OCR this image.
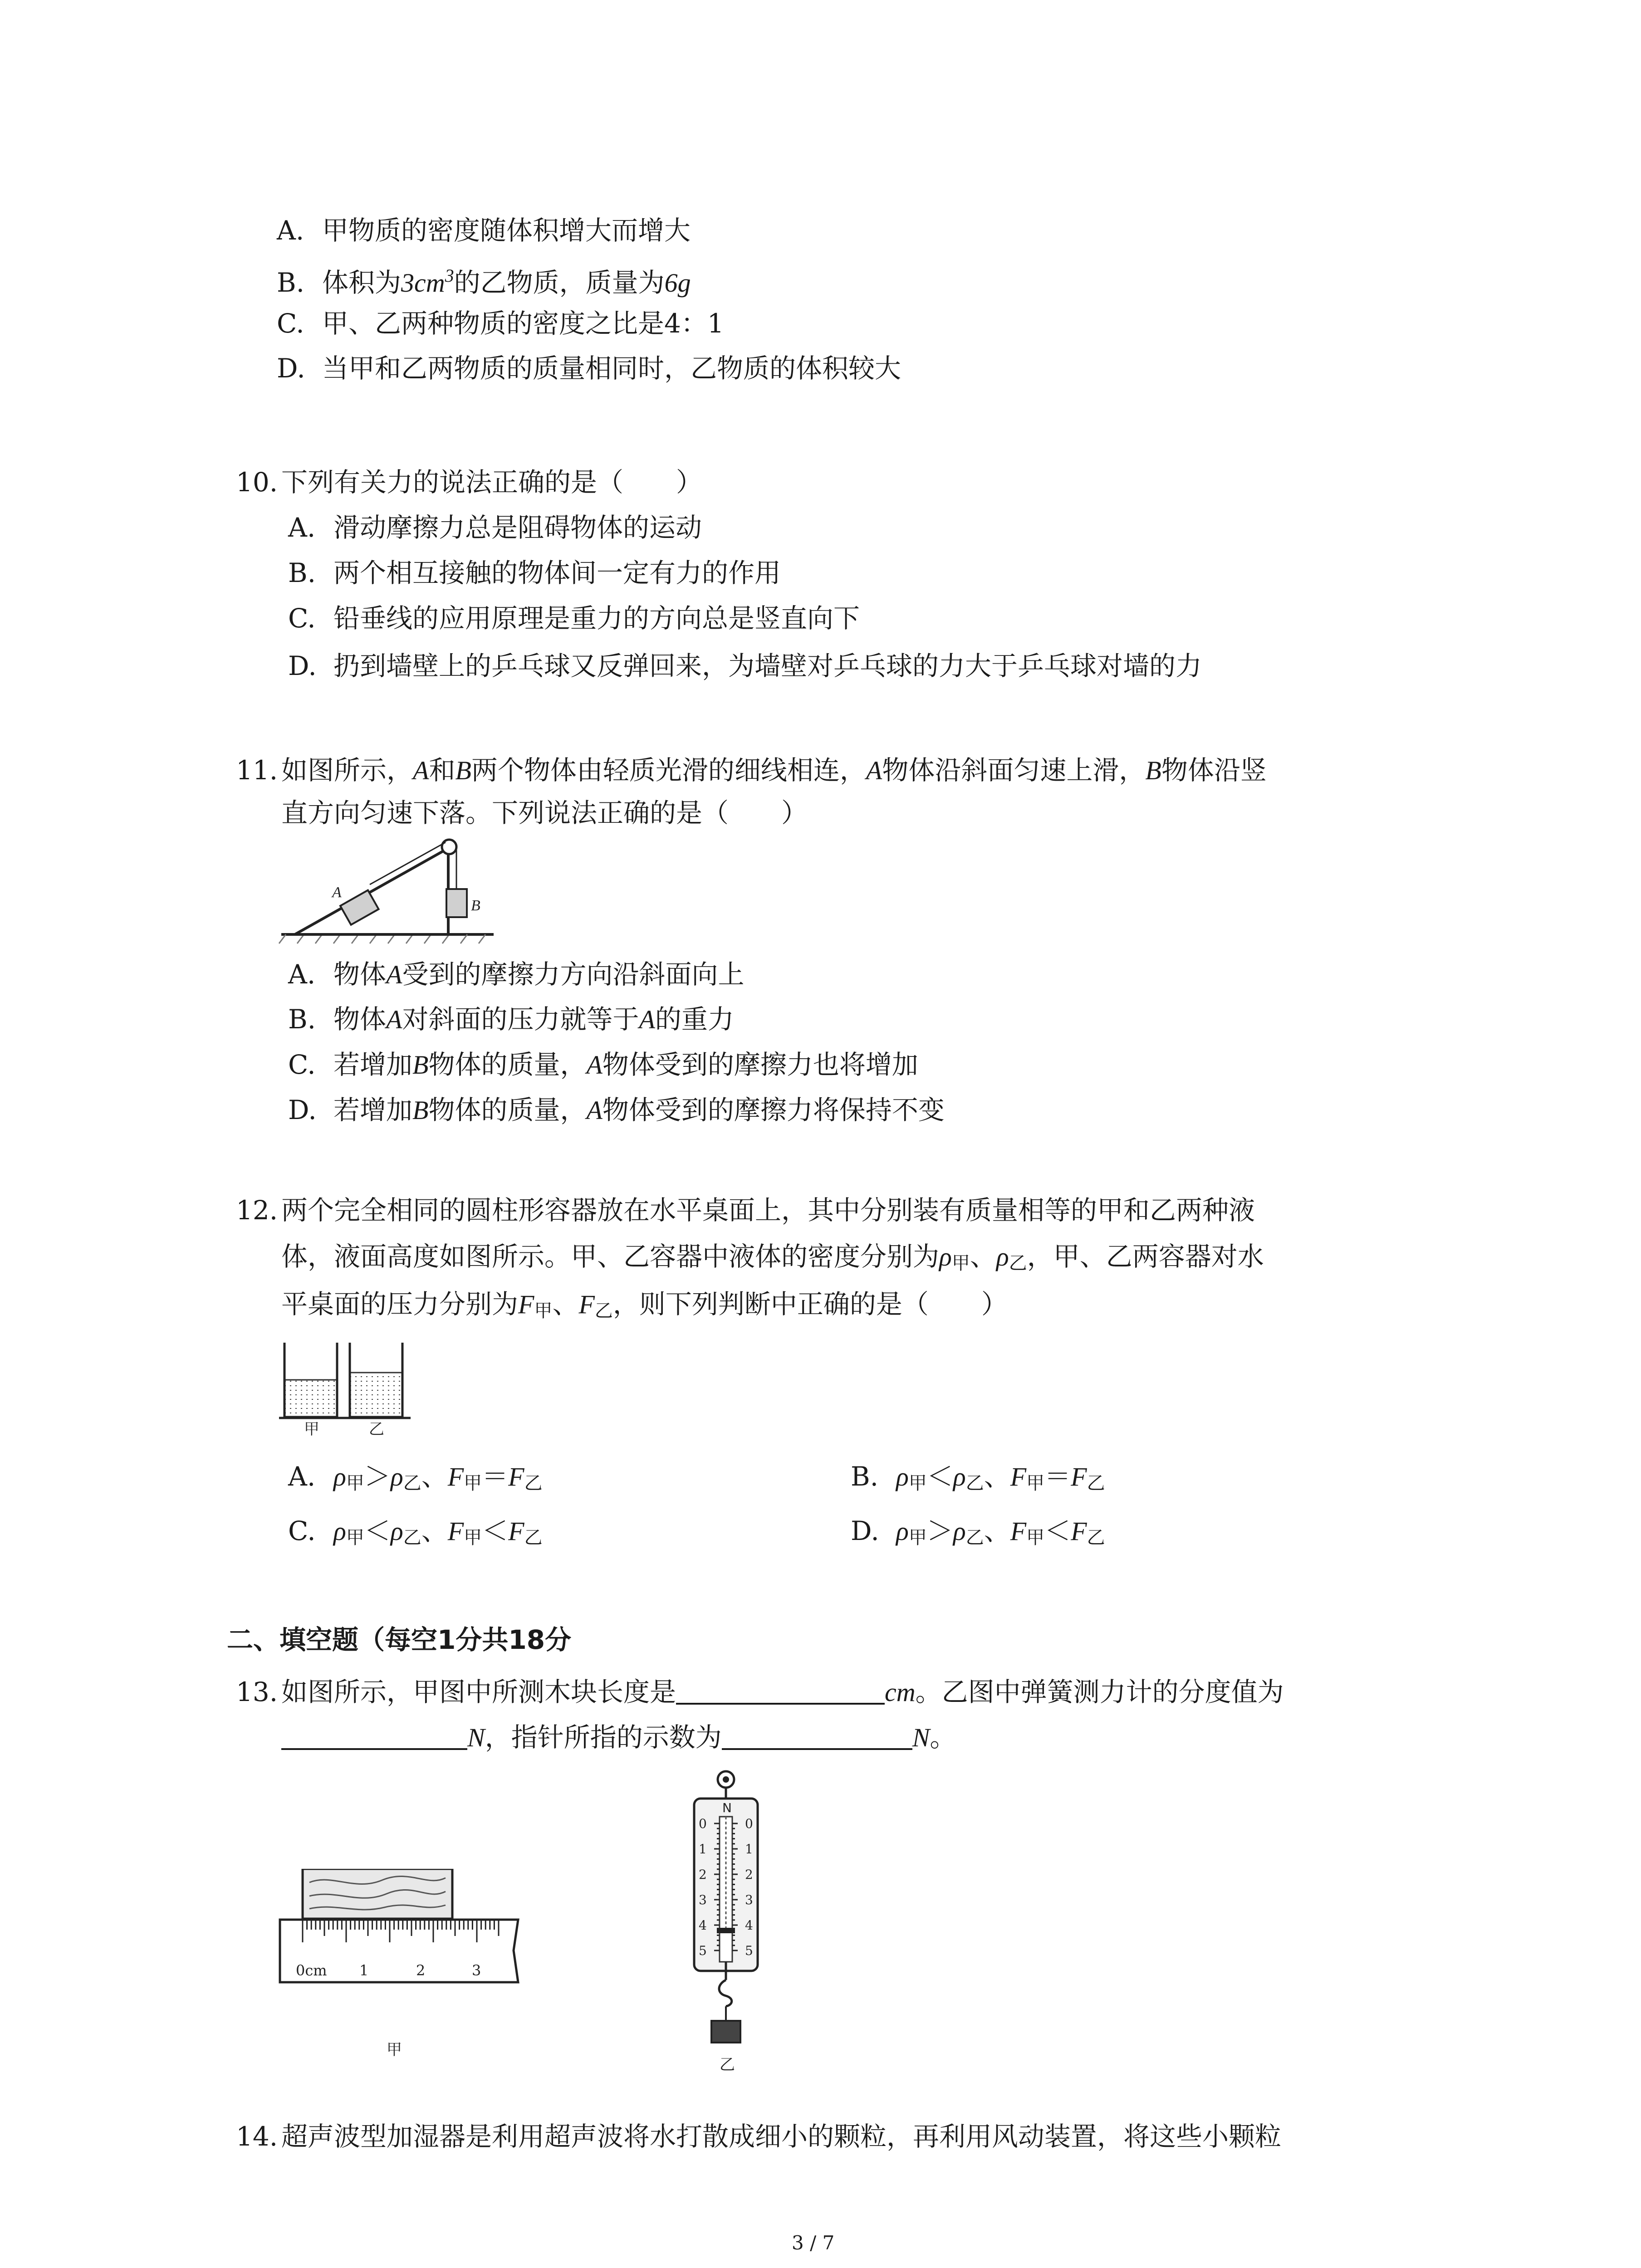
A. 甲物质的密度随体积增大而增大
B. 体积为$3cm^3$的乙物质，质量为6g
C. 甲、乙两种物质的密度之比是4：1
D. 当甲和乙两物质的质量相同时，乙物质的体积较大
10. 下列有关力的说法正确的是（　　）
A. 滑动摩擦力总是阻碍物体的运动
B. 两个相互接触的物体间一定有力的作用
C. 铅垂线的应用原理是重力的方向总是竖直向下
D. 扔到墙壁上的乒乓球又反弹回来，为墙壁对乒乓球的力大于乒乓球对墙的力
11. 如图所示，A和B两个物体由轻质光滑的细线相连，A物体沿斜面匀速上滑，B物体沿竖
直方向匀速下落。下列说法正确的是（　　）
A
B
A. 物体A受到的摩擦力方向沿斜面向上
B. 物体A对斜面的压力就等于A的重力
C. 若增加B物体的质量，A物体受到的摩擦力也将增加
D. 若增加B物体的质量，A物体受到的摩擦力将保持不变
12. 两个完全相同的圆柱形容器放在水平桌面上，其中分别装有质量相等的甲和乙两种液
体，液面高度如图所示。甲、乙容器中液体的密度分别为$\rho_甲$、$\rho_乙$，甲、乙两容器对水
平桌面的压力分别为$F_甲$、$F_乙$，则下列判断中正确的是（　　）
甲	乙
A. $\rho_甲>\rho_乙$、$F_甲=F_乙$	B. $\rho_甲<\rho_乙$、$F_甲=F_乙$
C. $\rho_甲<\rho_乙$、$F_甲<F_乙$	D. $\rho_甲>\rho_乙$、$F_甲<F_乙$
二、填空题（每空1分共18分
13. 如图所示，甲图中所测木块长度是	cm。乙图中弹簧测力计的分度值为
N，指针所指的示数为	N。
0cm 1	2	3
甲
N
0
1
2
3
4
5
0
1
2
3
4
5
乙
14. 超声波型加湿器是利用超声波将水打散成细小的颗粒，再利用风动装置，将这些小颗粒
3 / 7
